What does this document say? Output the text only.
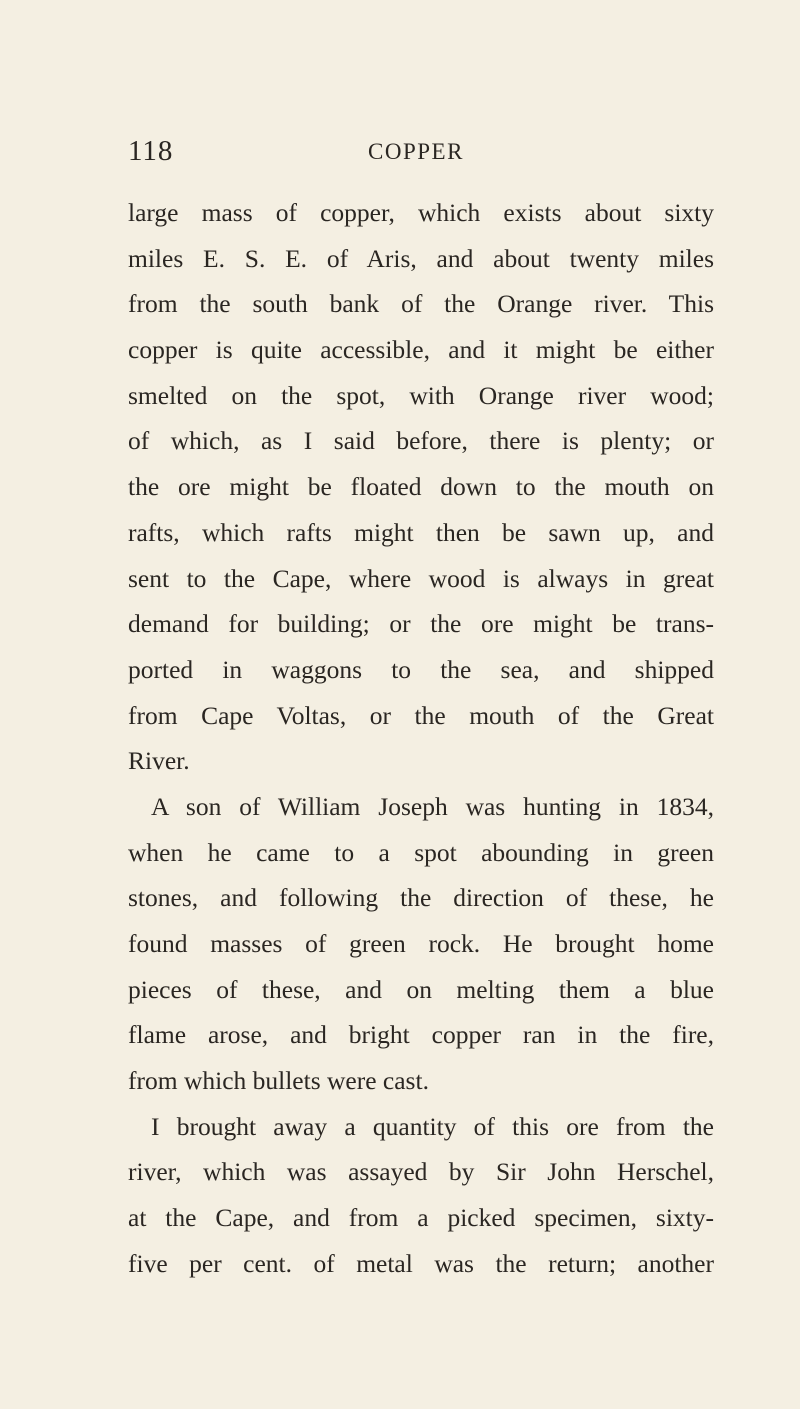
118	COPPER
large mass of copper, which exists about sixty
miles E. S. E. of Aris, and about twenty miles
from the south bank of the Orange river. This
copper is quite accessible, and it might be either
smelted on the spot, with Orange river wood;
of which, as I said before, there is plenty; or
the ore might be floated down to the mouth on
rafts, which rafts might then be sawn up, and
sent to the Cape, where wood is always in great
demand for building; or the ore might be trans-
ported in waggons to the sea, and shipped
from Cape Voltas, or the mouth of the Great
River.
A son of William Joseph was hunting in 1834,
when he came to a spot abounding in green
stones, and following the direction of these, he
found masses of green rock. He brought home
pieces of these, and on melting them a blue
flame arose, and bright copper ran in the fire,
from which bullets were cast.
I brought away a quantity of this ore from the
river, which was assayed by Sir John Herschel,
at the Cape, and from a picked specimen, sixty-
five per cent. of metal was the return; another
